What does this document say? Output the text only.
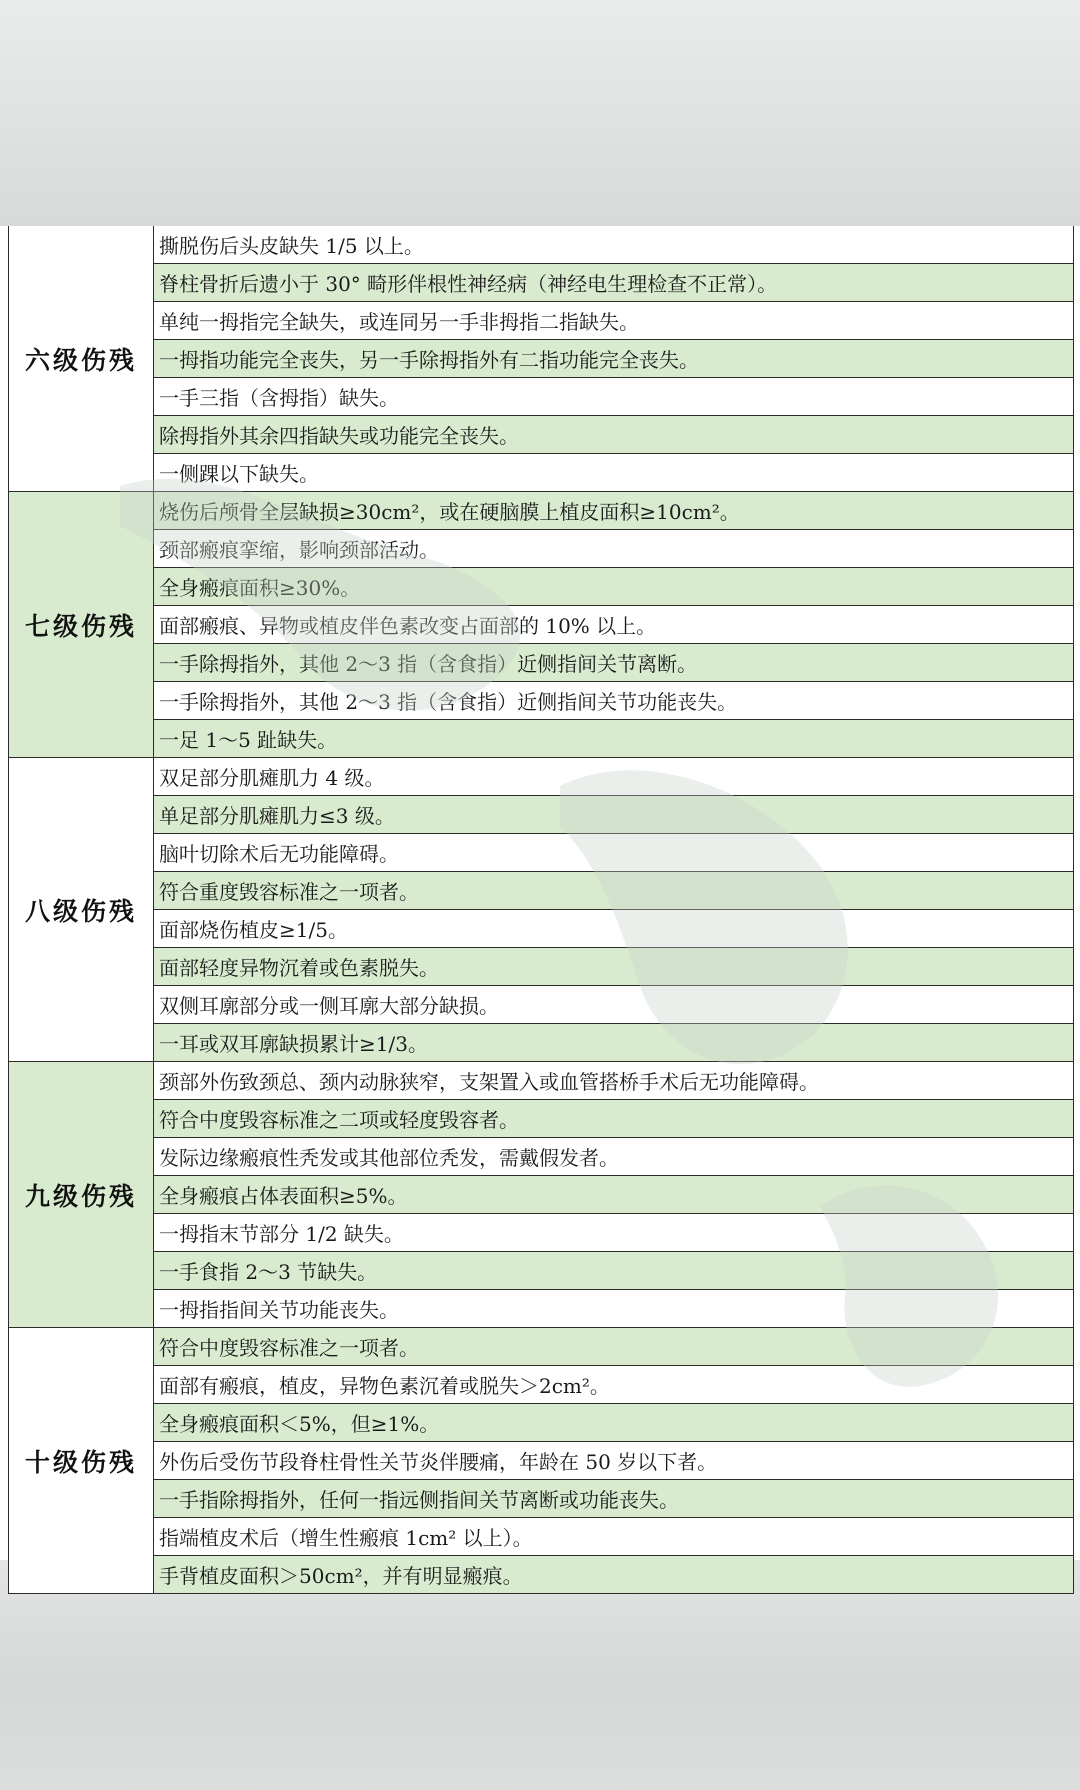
六级伤残	撕脱伤后头皮缺失 1/5 以上。
	脊柱骨折后遗小于 30° 畸形伴根性神经病（神经电生理检查不正常）。
	单纯一拇指完全缺失，或连同另一手非拇指二指缺失。
	一拇指功能完全丧失，另一手除拇指外有二指功能完全丧失。
	一手三指（含拇指）缺失。
	除拇指外其余四指缺失或功能完全丧失。
	一侧踝以下缺失。
七级伤残	烧伤后颅骨全层缺损≥30cm²，或在硬脑膜上植皮面积≥10cm²。
	颈部瘢痕挛缩，影响颈部活动。
	全身瘢痕面积≥30%。
	面部瘢痕、异物或植皮伴色素改变占面部的 10% 以上。
	一手除拇指外，其他 2～3 指（含食指）近侧指间关节离断。
	一手除拇指外，其他 2～3 指（含食指）近侧指间关节功能丧失。
	一足 1～5 趾缺失。
八级伤残	双足部分肌瘫肌力 4 级。
	单足部分肌瘫肌力≤3 级。
	脑叶切除术后无功能障碍。
	符合重度毁容标准之一项者。
	面部烧伤植皮≥1/5。
	面部轻度异物沉着或色素脱失。
	双侧耳廓部分或一侧耳廓大部分缺损。
	一耳或双耳廓缺损累计≥1/3。
九级伤残	颈部外伤致颈总、颈内动脉狭窄，支架置入或血管搭桥手术后无功能障碍。
	符合中度毁容标准之二项或轻度毁容者。
	发际边缘瘢痕性秃发或其他部位秃发，需戴假发者。
	全身瘢痕占体表面积≥5%。
	一拇指末节部分 1/2 缺失。
	一手食指 2～3 节缺失。
	一拇指指间关节功能丧失。
十级伤残	符合中度毁容标准之一项者。
	面部有瘢痕，植皮，异物色素沉着或脱失＞2cm²。
	全身瘢痕面积＜5%，但≥1%。
	外伤后受伤节段脊柱骨性关节炎伴腰痛，年龄在 50 岁以下者。
	一手指除拇指外，任何一指远侧指间关节离断或功能丧失。
	指端植皮术后（增生性瘢痕 1cm² 以上）。
	手背植皮面积＞50cm²，并有明显瘢痕。
